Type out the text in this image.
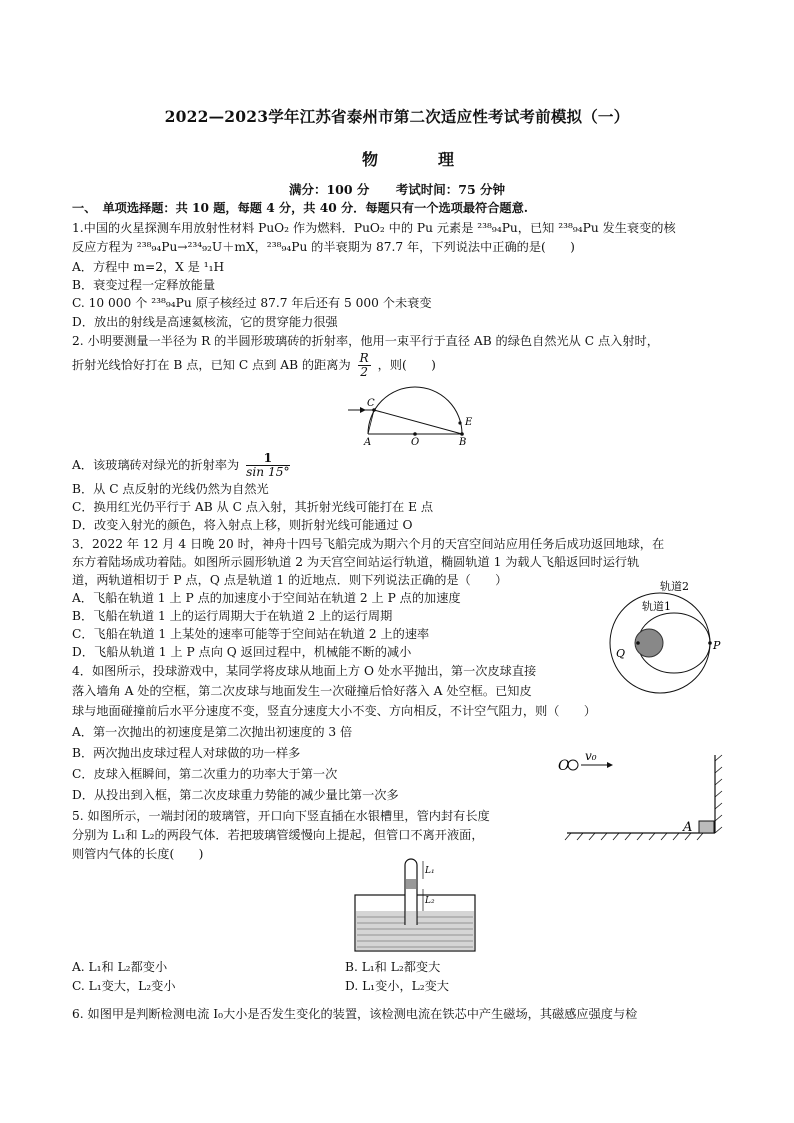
2022—2023学年江苏省泰州市第二次适应性考试考前模拟（一）
物　理
满分：100 分 考试时间：75 分钟
一、　单项选择题：共 10 题，每题 4 分，共 40 分．每题只有一个选项最符合题意.
1.中国的火星探测车用放射性材料 PuO₂ 作为燃料．PuO₂ 中的 Pu 元素是 ²³⁸₉₄Pu，已知 ²³⁸₉₄Pu 发生衰变的核
反应方程为 ²³⁸₉₄Pu→²³⁴₉₂U＋mX，²³⁸₉₄Pu 的半衰期为 87.7 年，下列说法中正确的是(　　)
A．方程中 m=2，X 是 ¹₁H
B．衰变过程一定释放能量
C. 10 000 个 ²³⁸₉₄Pu 原子核经过 87.7 年后还有 5 000 个未衰变
D．放出的射线是高速氦核流，它的贯穿能力很强
2. 小明要测量一半径为 R 的半圆形玻璃砖的折射率，他用一束平行于直径 AB 的绿色自然光从 C 点入射时，
折射光线恰好打在 B 点，已知 C 点到 AB 的距离为 $\frac{R}{2}$ ，则(　　)
C
A	O	B
E
A．该玻璃砖对绿光的折射率为 $\frac{1}{\sin 15^\circ}$
B．从 C 点反射的光线仍然为自然光
C．换用红光仍平行于 AB 从 C 点入射，其折射光线可能打在 E 点
D．改变入射光的颜色，将入射点上移，则折射光线可能通过 O
3．2022 年 12 月 4 日晚 20 时，神舟十四号飞船完成为期六个月的天宫空间站应用任务后成功返回地球，在
东方着陆场成功着陆。如图所示圆形轨道 2 为天宫空间站运行轨道，椭圆轨道 1 为载人飞船返回时运行轨
道，两轨道相切于 P 点，Q 点是轨道 1 的近地点．则下列说法正确的是（　　）
A．飞船在轨道 1 上 P 点的加速度小于空间站在轨道 2 上 P 点的加速度
B．飞船在轨道 1 上的运行周期大于在轨道 2 上的运行周期
C．飞船在轨道 1 上某处的速率可能等于空间站在轨道 2 上的速率
D．飞船从轨道 1 上 P 点向 Q 返回过程中，机械能不断的减小
轨道2
轨道1
P
Q
4．如图所示，投球游戏中，某同学将皮球从地面上方 O 处水平抛出，第一次皮球直接
落入墙角 A 处的空框，第二次皮球与地面发生一次碰撞后恰好落入 A 处空框。已知皮
球与地面碰撞前后水平分速度不变，竖直分速度大小不变、方向相反，不计空气阻力，则（　　）
A．第一次抛出的初速度是第二次抛出初速度的 3 倍
B．两次抛出皮球过程人对球做的功一样多
C．皮球入框瞬间，第二次重力的功率大于第一次
D．从投出到入框，第二次皮球重力势能的减少量比第一次多
O
v₀
A
5. 如图所示，一端封闭的玻璃管，开口向下竖直插在水银槽里，管内封有长度
分别为 L₁和 L₂的两段气体．若把玻璃管缓慢向上提起，但管口不离开液面，
则管内气体的长度(　　)
L₁
L₂
A. L₁和 L₂都变小	B. L₁和 L₂都变大
C. L₁变大，L₂变小	D. L₁变小，L₂变大
6. 如图甲是判断检测电流 I₀大小是否发生变化的装置，该检测电流在铁芯中产生磁场，其磁感应强度与检
